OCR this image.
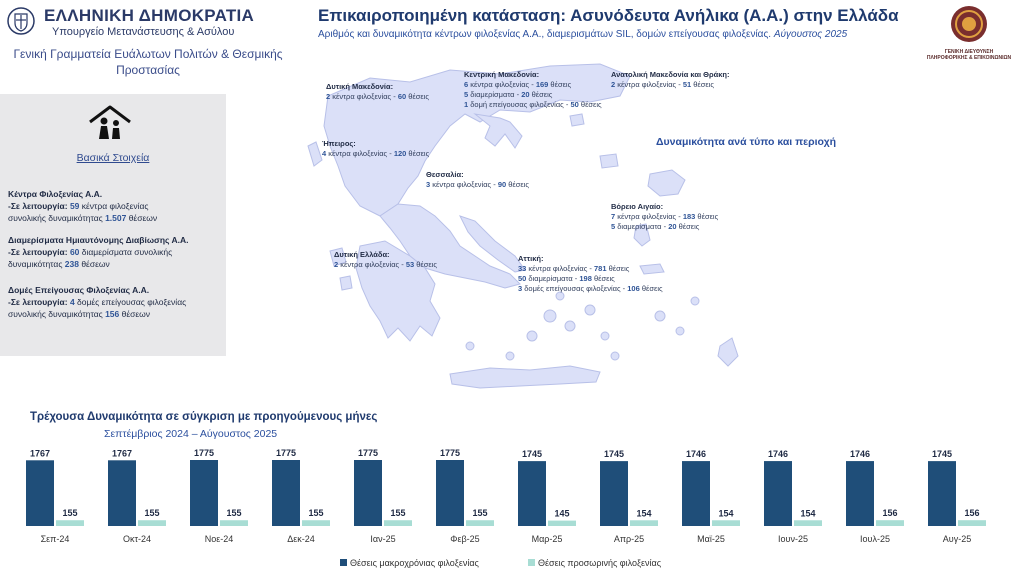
ΕΛΛΗΝΙΚΗ ΔΗΜΟΚΡΑΤΙΑ
Υπουργείο Μετανάστευσης & Ασύλου
Γενική Γραμματεία Ευάλωτων Πολιτών & Θεσμικής
Προστασίας
Επικαιροποιημένη κατάσταση: Ασυνόδευτα Ανήλικα (Α.Α.) στην Ελλάδα
Αριθμός και δυναμικότητα κέντρων φιλοξενίας Α.Α., διαμερισμάτων SIL, δομών επείγουσας φιλοξενίας. Αύγουστος 2025
ΓΕΝΙΚΗ ΔΙΕΥΘΥΝΣΗ
ΠΛΗΡΟΦΟΡΙΚΗΣ & ΕΠΙΚΟΙΝΩΝΙΩΝ
Βασικά Στοιχεία
Κέντρα Φιλοξενίας Α.Α.
-Σε λειτουργία: 59 κέντρα φιλοξενίας
συνολικής δυναμικότητας 1.507 θέσεων
Διαμερίσματα Ημιαυτόνομης Διαβίωσης Α.Α.
-Σε λειτουργία: 60 διαμερίσματα συνολικής
δυναμικότητας 238 θέσεων
Δομές Επείγουσας Φιλοξενίας Α.Α.
-Σε λειτουργία: 4 δομές επείγουσας φιλοξενίας
συνολικής δυναμικότητας 156 θέσεων
Δυτική Μακεδονία:
2 κέντρα φιλοξενίας - 60 θέσεις
Κεντρική Μακεδονία:
6 κέντρα φιλοξενίας - 169 θέσεις
5 διαμερίσματα - 20 θέσεις
1 δομή επείγουσας φιλοξενίας - 50 θέσεις
Ανατολική Μακεδονία και Θράκη:
2 κέντρα φιλοξενίας - 51 θέσεις
Ήπειρος:
4 κέντρα φιλοξενίας - 120 θέσεις
Θεσσαλία:
3 κέντρα φιλοξενίας - 90 θέσεις
Βόρειο Αιγαίο:
7 κέντρα φιλοξενίας - 183 θέσεις
5 διαμερίσματα - 20 θέσεις
Δυτική Ελλάδα:
2 κέντρα φιλοξενίας - 53 θέσεις
Αττική:
33 κέντρα φιλοξενίας - 781 θέσεις
50 διαμερίσματα - 198 θέσεις
3 δομές επείγουσας φιλοξενίας - 106 θέσεις
Δυναμικότητα ανά τύπο και περιοχή
Τρέχουσα Δυναμικότητα σε σύγκριση με προηγούμενους μήνες
Σεπτέμβριος 2024 – Αύγουστος 2025
1767
155
Σεπ-24
1767
155
Οκτ-24
1775
155
Νοε-24
1775
155
Δεκ-24
1775
155
Ιαν-25
1775
155
Φεβ-25
1745
145
Μαρ-25
1745
154
Απρ-25
1746
154
Μαϊ-25
1746
154
Ιουν-25
1746
156
Ιουλ-25
1745
156
Αυγ-25
Θέσεις μακροχρόνιας φιλοξενίας	Θέσεις προσωρινής φιλοξενίας
